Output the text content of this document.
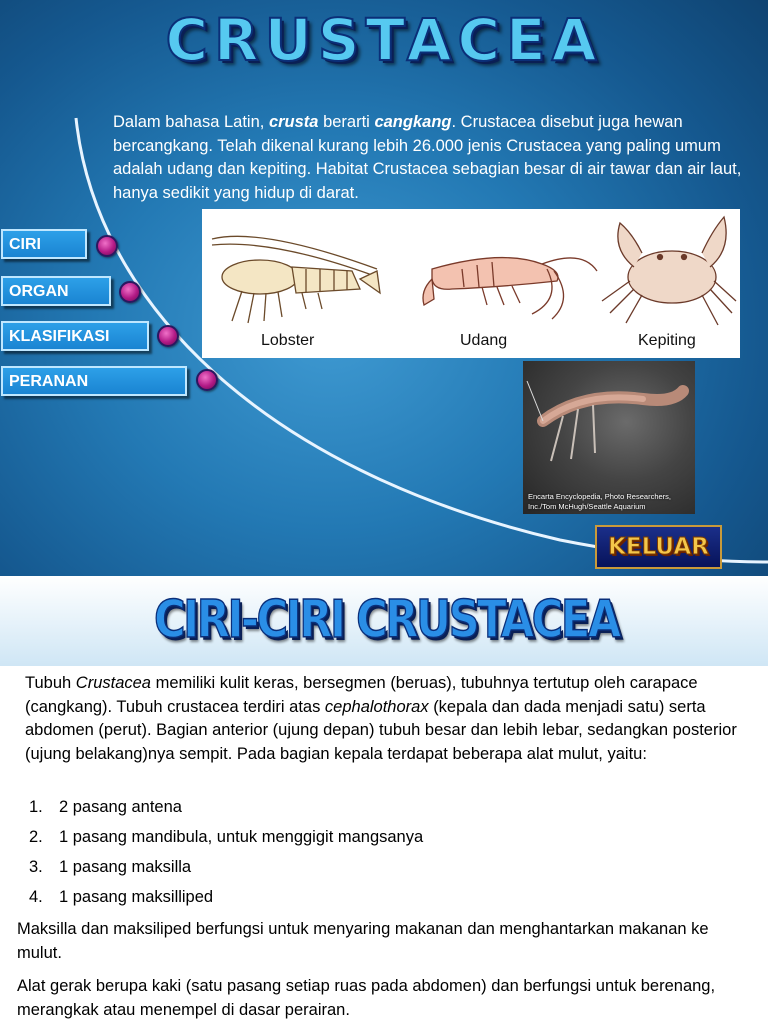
CRUSTACEA
Dalam bahasa Latin, crusta berarti cangkang. Crustacea disebut juga hewan bercangkang. Telah dikenal kurang lebih 26.000 jenis Crustacea yang paling umum adalah udang dan kepiting. Habitat Crustacea sebagian besar di air tawar dan air laut, hanya sedikit yang hidup di darat.
CIRI
ORGAN
KLASIFIKASI
PERANAN
Lobster	Udang	Kepiting
Encarta Encyclopedia, Photo Researchers, Inc./Tom McHugh/Seattle Aquarium
KELUAR
CIRI-CIRI CRUSTACEA
Tubuh Crustacea memiliki kulit keras, bersegmen (beruas), tubuhnya tertutup oleh carapace (cangkang). Tubuh crustacea terdiri atas cephalothorax (kepala dan dada menjadi satu) serta abdomen (perut). Bagian anterior (ujung depan) tubuh besar dan lebih lebar, sedangkan posterior (ujung belakang)nya sempit. Pada bagian kepala terdapat beberapa alat mulut, yaitu:
1. 2 pasang antena
2. 1 pasang mandibula, untuk menggigit mangsanya
3. 1 pasang maksilla
4. 1 pasang maksilliped
Maksilla dan maksiliped berfungsi untuk menyaring makanan dan menghantarkan makanan ke mulut.
Alat gerak berupa kaki (satu pasang setiap ruas pada abdomen) dan berfungsi untuk berenang, merangkak atau menempel di dasar perairan.
